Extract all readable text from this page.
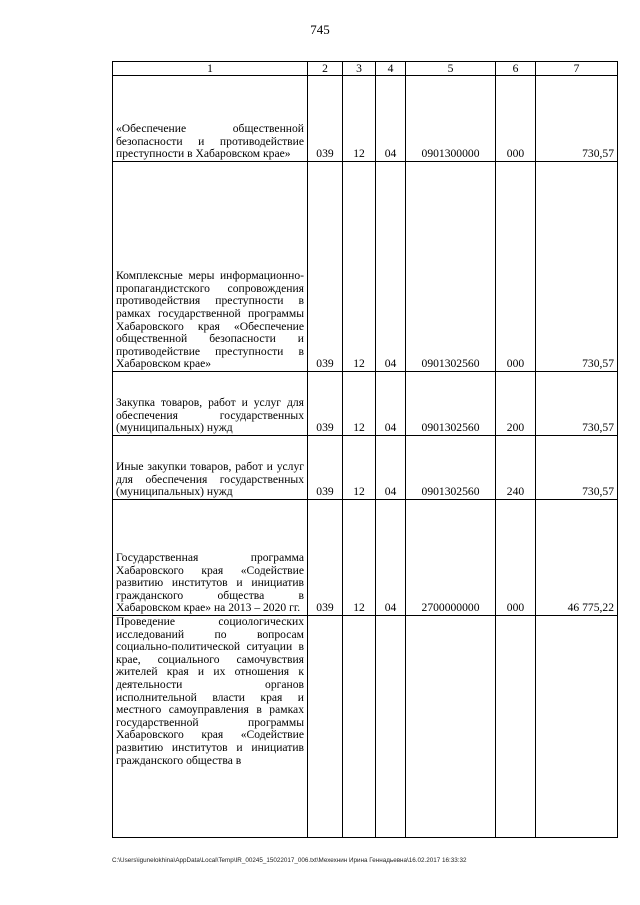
745
1	2	3	4	5	6	7
«Обеспечение общественной безопасности и противодействие преступности в Хабаровском крае»	039	12	04	0901300000	000	730,57
Комплексные меры информационно-пропагандистского сопровождения противодействия преступности в рамках государственной программы Хабаровского края «Обеспечение общественной безопасности и противодействие преступности в Хабаровском крае»	039	12	04	0901302560	000	730,57
Закупка товаров, работ и услуг для обеспечения государственных (муниципальных) нужд	039	12	04	0901302560	200	730,57
Иные закупки товаров, работ и услуг для обеспечения государственных (муниципальных) нужд	039	12	04	0901302560	240	730,57
Государственная программа Хабаровского края «Содействие развитию институтов и инициатив гражданского общества в Хабаровском крае» на 2013 – 2020 гг.	039	12	04	2700000000	000	46 775,22
Проведение социологических исследований по вопросам социально-политической ситуации в крае, социального самочувствия жителей края и их отношения к деятельности органов исполнительной власти края и местного самоуправления в рамках государственной программы Хабаровского края «Содействие развитию институтов и инициатив гражданского общества в						
C:\Users\igunelokhina\AppData\Local\Temp\IR_00245_15022017_006.txt\Мехехнин Ирина Геннадьевна\16.02.2017 16:33:32
